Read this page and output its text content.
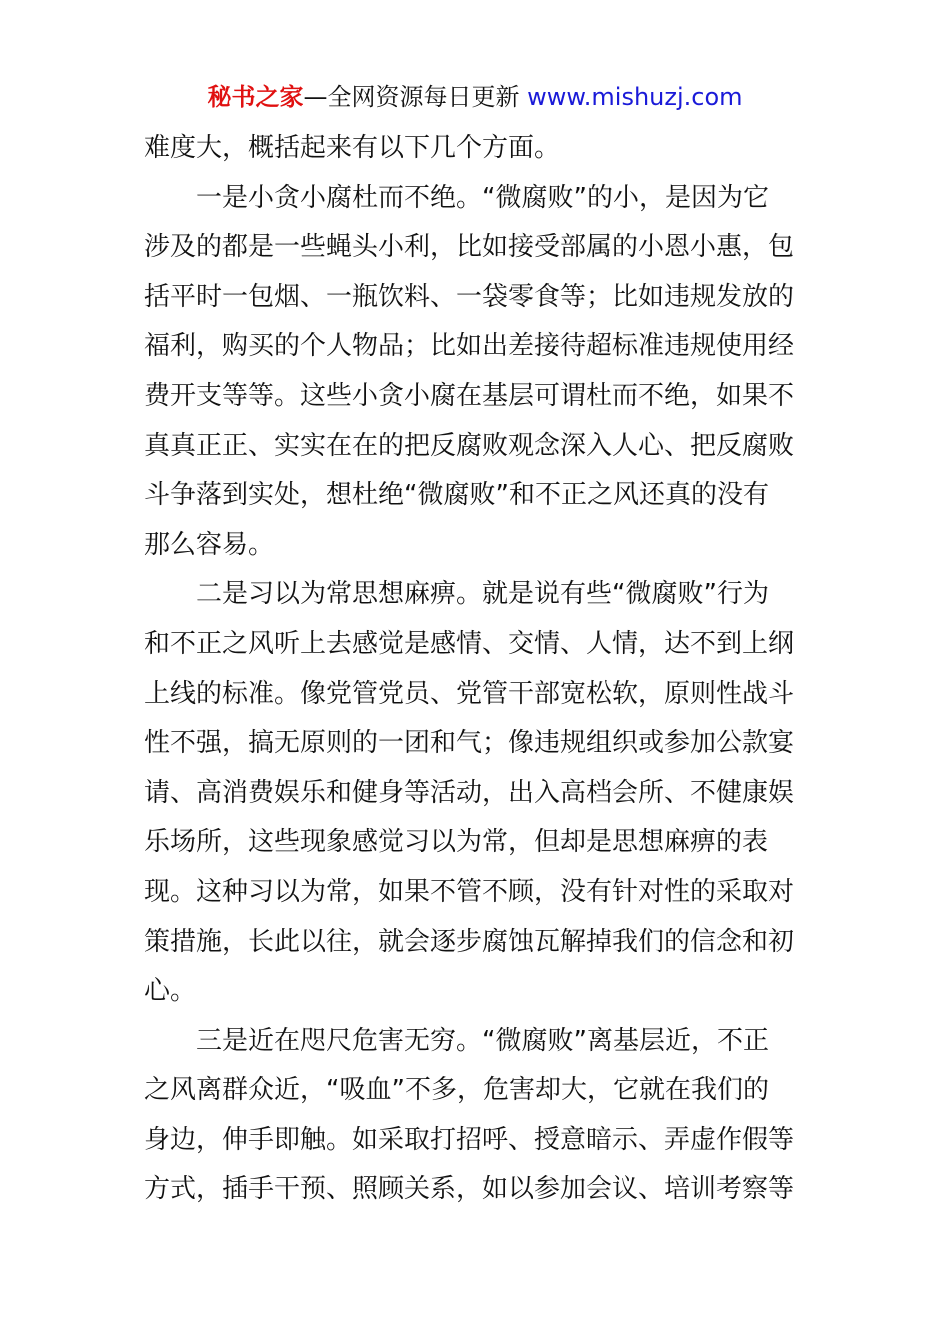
秘书之家—全网资源每日更新 www.mishuzj.com
难度大，概括起来有以下几个方面。
一是小贪小腐杜而不绝。“微腐败”的小，是因为它
涉及的都是一些蝇头小利，比如接受部属的小恩小惠，包
括平时一包烟、一瓶饮料、一袋零食等；比如违规发放的
福利，购买的个人物品；比如出差接待超标准违规使用经
费开支等等。这些小贪小腐在基层可谓杜而不绝，如果不
真真正正、实实在在的把反腐败观念深入人心、把反腐败
斗争落到实处，想杜绝“微腐败”和不正之风还真的没有
那么容易。
二是习以为常思想麻痹。就是说有些“微腐败”行为
和不正之风听上去感觉是感情、交情、人情，达不到上纲
上线的标准。像党管党员、党管干部宽松软，原则性战斗
性不强，搞无原则的一团和气；像违规组织或参加公款宴
请、高消费娱乐和健身等活动，出入高档会所、不健康娱
乐场所，这些现象感觉习以为常，但却是思想麻痹的表
现。这种习以为常，如果不管不顾，没有针对性的采取对
策措施，长此以往，就会逐步腐蚀瓦解掉我们的信念和初
心。
三是近在咫尺危害无穷。“微腐败”离基层近，不正
之风离群众近，“吸血”不多，危害却大，它就在我们的
身边，伸手即触。如采取打招呼、授意暗示、弄虚作假等
方式，插手干预、照顾关系，如以参加会议、培训考察等
